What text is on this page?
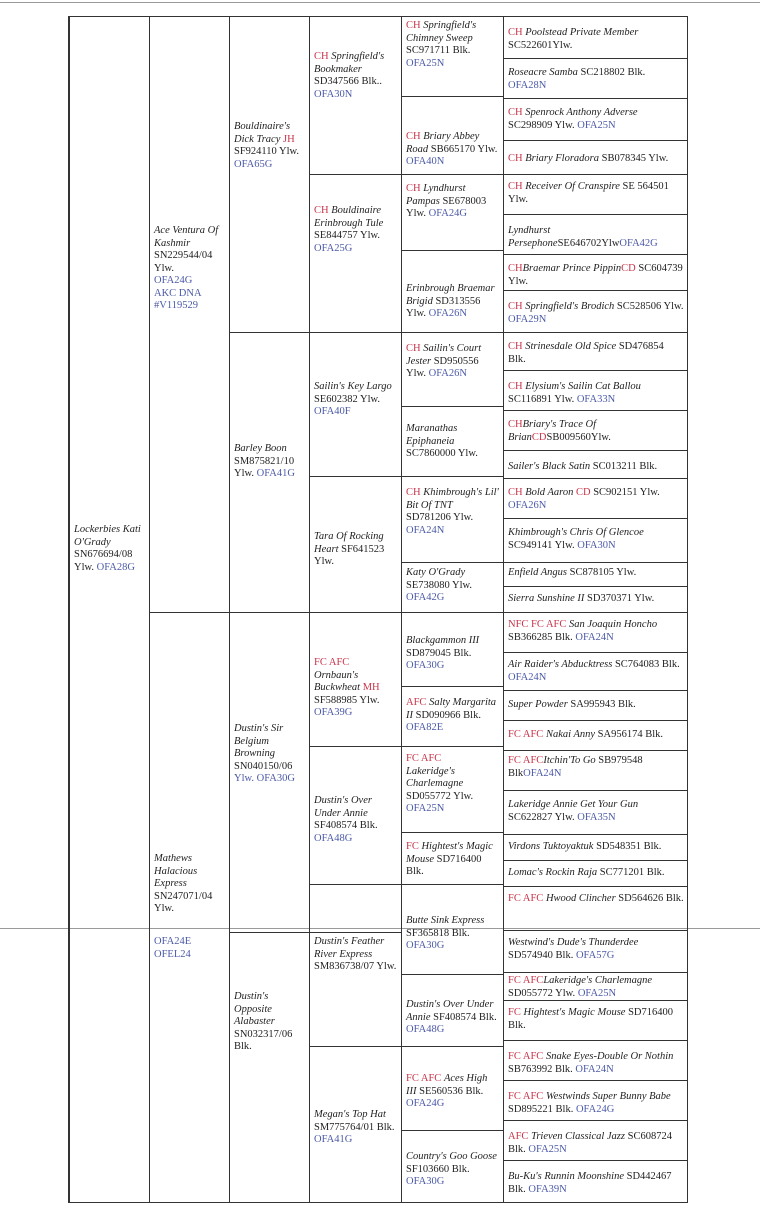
Lockerbies Kati O'Grady SN676694/08 Ylw. OFA28G
Ace Ventura Of Kashmir
SN229544/04 Ylw.
OFA24G
AKC DNA #V119529
Mathews Halacious Express SN247071/04 Ylw.
OFA24E
OFEL24
Bouldinaire's Dick Tracy JH SF924110 Ylw. OFA65G
Barley Boon SM875821/10 Ylw. OFA41G
Dustin's Sir Belgium Browning SN040150/06 Ylw. OFA30G
Dustin's Opposite Alabaster SN032317/06 Blk.
CH Springfield's Bookmaker
SD347566 Blk..
OFA30N
CH Bouldinaire Erinbrough Tule SE844757 Ylw. OFA25G
Sailin's Key Largo
SE602382 Ylw.
OFA40F
Tara Of Rocking Heart SF641523 Ylw.
FC AFC
Ornbaun's Buckwheat MH
SF588985 Ylw.
OFA39G
Dustin's Over Under Annie SF408574 Blk. OFA48G
Dustin's Feather River Express
SM836738/07 Ylw.
Megan's Top Hat SM775764/01 Blk. OFA41G
CH Springfield's Chimney Sweep SC971711 Blk. OFA25N
CH Briary Abbey Road SB665170 Ylw. OFA40N
CH Lyndhurst Pampas SE678003 Ylw. OFA24G
Erinbrough Braemar Brigid SD313556 Ylw. OFA26N
CH Sailin's Court Jester SD950556 Ylw. OFA26N
Maranathas Epiphaneia SC7860000 Ylw.
CH Khimbrough's Lil' Bit Of TNT SD781206 Ylw. OFA24N
Katy O'Grady SE738080 Ylw. OFA42G
Blackgammon III SD879045 Blk. OFA30G
AFC Salty Margarita II SD090966 Blk. OFA82E
FC AFC
Lakeridge's Charlemagne SD055772 Ylw. OFA25N
FC Hightest's Magic Mouse SD716400 Blk.
Butte Sink Express SF365818 Blk. OFA30G
Dustin's Over Under Annie SF408574 Blk. OFA48G
FC AFC Aces High III SE560536 Blk. OFA24G
Country's Goo Goose SF103660 Blk. OFA30G
CH Poolstead Private Member SC522601Ylw.
Roseacre Samba SC218802 Blk. OFA28N
CH Spenrock Anthony Adverse SC298909 Ylw. OFA25N
CH Briary Floradora SB078345 Ylw.
CH Receiver Of Cranspire SE 564501 Ylw.
Lyndhurst PersephoneSE646702YlwOFA42G
CHBraemar Prince PippinCD SC604739 Ylw.
CH Springfield's Brodich SC528506 Ylw. OFA29N
CH Strinesdale Old Spice SD476854 Blk.
CH Elysium's Sailin Cat Ballou SC116891 Ylw. OFA33N
CHBriary's Trace Of BrianCDSB009560Ylw.
Sailer's Black Satin SC013211 Blk.
CH Bold Aaron CD SC902151 Ylw. OFA26N
Khimbrough's Chris Of Glencoe SC949141 Ylw. OFA30N
Enfield Angus SC878105 Ylw.
Sierra Sunshine II SD370371 Ylw.
NFC FC AFC San Joaquin Honcho SB366285 Blk. OFA24N
Air Raider's Abducktress SC764083 Blk. OFA24N
Super Powder SA995943 Blk.
FC AFC Nakai Anny SA956174 Blk.
FC AFCItchin'To Go SB979548 BlkOFA24N
Lakeridge Annie Get Your Gun SC622827 Ylw. OFA35N
Virdons Tuktoyaktuk SD548351 Blk.
Lomac's Rockin Raja SC771201 Blk.
FC AFC Hwood Clincher SD564626 Blk.
Westwind's Dude's Thunderdee SD574940 Blk. OFA57G
FC AFCLakeridge's Charlemagne SD055772 Ylw. OFA25N
FC Hightest's Magic Mouse SD716400 Blk.
FC AFC Snake Eyes-Double Or Nothin SB763992 Blk. OFA24N
FC AFC Westwinds Super Bunny Babe SD895221 Blk. OFA24G
AFC Trieven Classical Jazz SC608724 Blk. OFA25N
Bu-Ku's Runnin Moonshine SD442467 Blk. OFA39N
